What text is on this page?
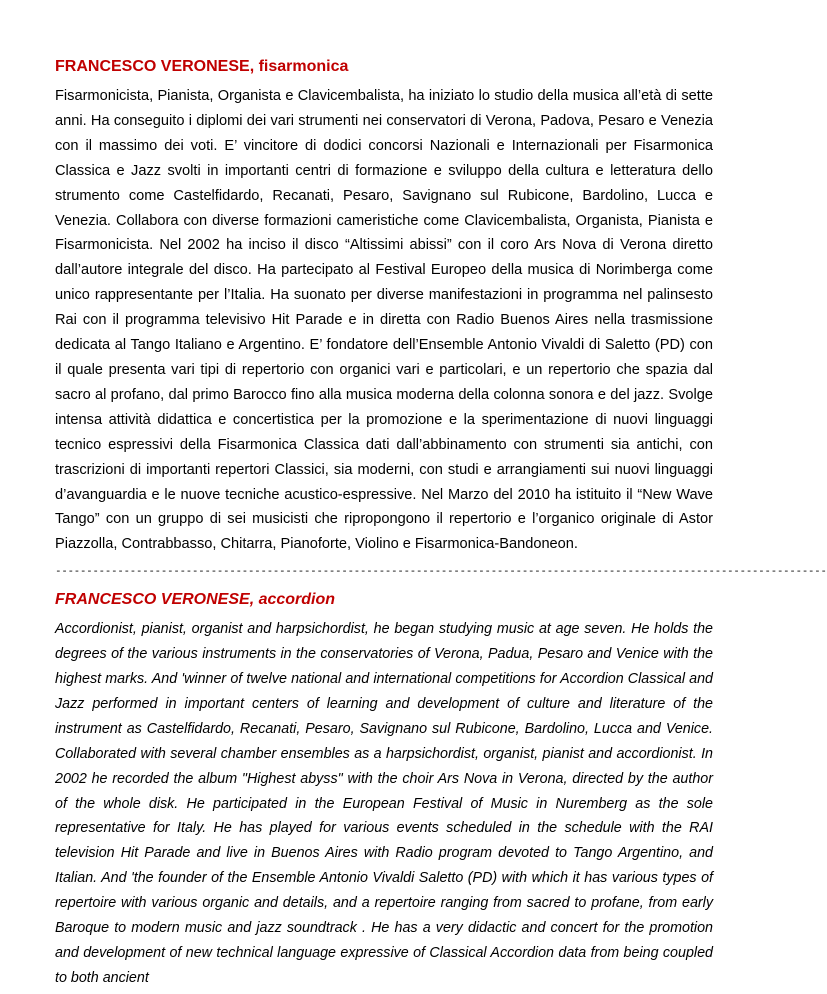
FRANCESCO VERONESE, fisarmonica

Fisarmonicista, Pianista, Organista e Clavicembalista, ha iniziato lo studio della musica all’età di sette anni. Ha conseguito i diplomi dei vari strumenti nei conservatori di Verona, Padova, Pesaro e Venezia con il massimo dei voti. E’ vincitore di dodici concorsi Nazionali e Internazionali per Fisarmonica Classica e Jazz svolti in importanti centri di formazione e sviluppo della cultura e letteratura dello strumento come Castelfidardo, Recanati, Pesaro, Savignano sul Rubicone, Bardolino, Lucca e Venezia. Collabora con diverse formazioni cameristiche come Clavicembalista, Organista, Pianista e Fisarmonicista. Nel 2002 ha inciso il disco “Altissimi abissi” con il coro Ars Nova di Verona diretto dall’autore integrale del disco. Ha partecipato al Festival Europeo della musica di Norimberga come unico rappresentante per l’Italia. Ha suonato per diverse manifestazioni in programma nel palinsesto Rai con il programma televisivo Hit Parade e in diretta con Radio Buenos Aires nella trasmissione dedicata al Tango Italiano e Argentino. E’ fondatore dell’Ensemble Antonio Vivaldi di Saletto (PD) con il quale presenta vari tipi di repertorio con organici vari e particolari, e un repertorio che spazia dal sacro al profano, dal primo Barocco fino alla musica moderna della colonna sonora e del jazz. Svolge intensa attività didattica e concertistica per la promozione e la sperimentazione di nuovi linguaggi tecnico espressivi della Fisarmonica Classica dati dall’abbinamento con strumenti sia antichi, con trascrizioni di importanti repertori Classici, sia moderni, con studi e arrangiamenti sui nuovi linguaggi d’avanguardia e le nuove tecniche acustico-espressive. Nel Marzo del 2010 ha istituito il “New Wave Tango” con un gruppo di sei musicisti che ripropongono il repertorio e l’organico originale di Astor Piazzolla, Contrabbasso, Chitarra, Pianoforte, Violino e Fisarmonica-Bandoneon.

----------------------------------------------------------------------------------------------------------------------------
FRANCESCO VERONESE, accordion

Accordionist, pianist, organist and harpsichordist, he began studying music at age seven. He holds the degrees of the various instruments in the conservatories of Verona, Padua, Pesaro and Venice with the highest marks. And 'winner of twelve national and international competitions for Accordion Classical and Jazz performed in important centers of learning and development of culture and literature of the instrument as Castelfidardo, Recanati, Pesaro, Savignano sul Rubicone, Bardolino, Lucca and Venice. Collaborated with several chamber ensembles as a harpsichordist, organist, pianist and accordionist. In 2002 he recorded the album "Highest abyss" with the choir Ars Nova in Verona, directed by the author of the whole disk. He participated in the European Festival of Music in Nuremberg as the sole representative for Italy. He has played for various events scheduled in the schedule with the RAI television Hit Parade and live in Buenos Aires with Radio program devoted to Tango Argentino, and Italian. And 'the founder of the Ensemble Antonio Vivaldi Saletto (PD) with which it has various types of repertoire with various organic and details, and a repertoire ranging from sacred to profane, from early Baroque to modern music and jazz soundtrack . He has a very didactic and concert for the promotion and development of new technical language expressive of Classical Accordion data from being coupled to both ancient
